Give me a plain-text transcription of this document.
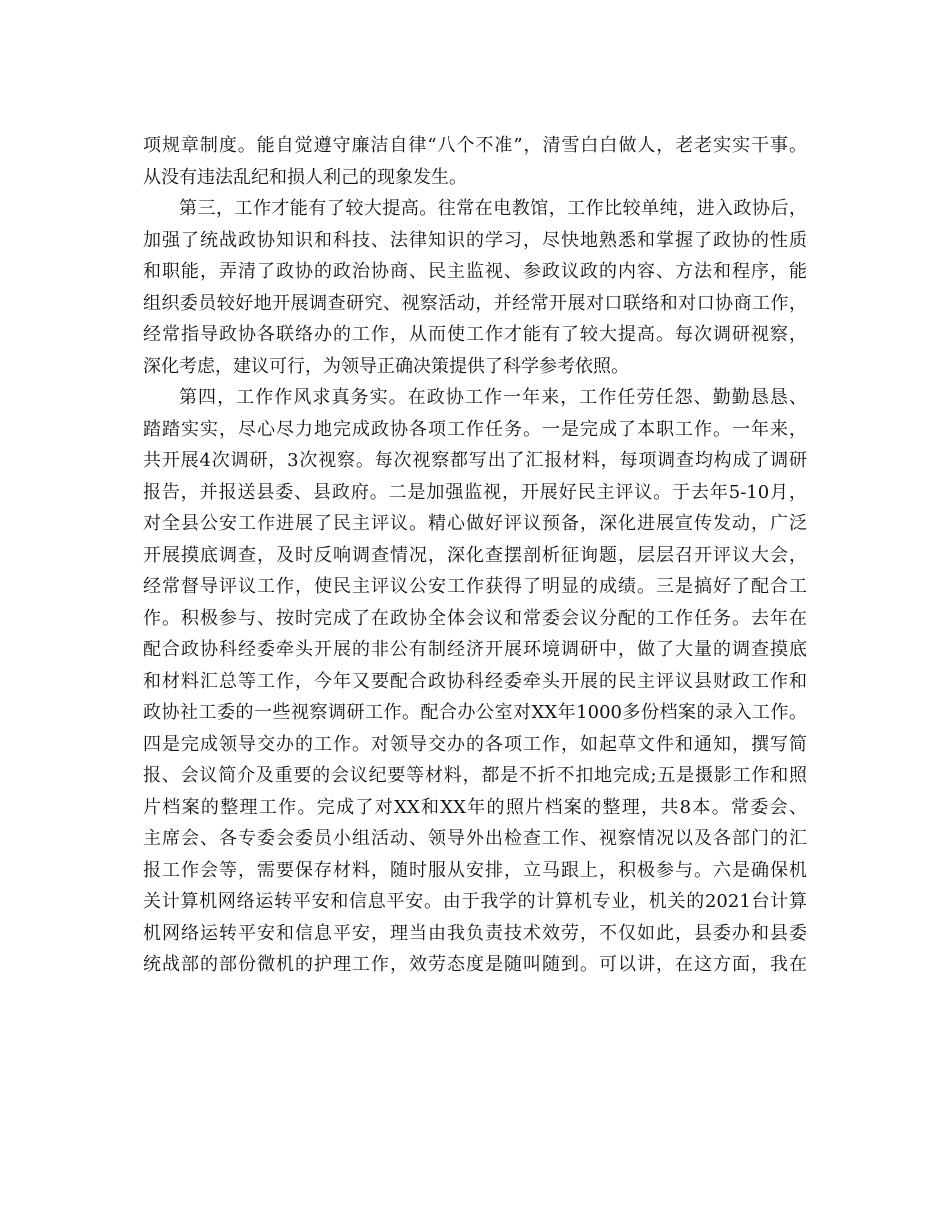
项规章制度。能自觉遵守廉洁自律“八个不准”，清雪白白做人，老老实实干事。
从没有违法乱纪和损人利己的现象发生。
第三，工作才能有了较大提高。往常在电教馆，工作比较单纯，进入政协后，
加强了统战政协知识和科技、法律知识的学习，尽快地熟悉和掌握了政协的性质
和职能，弄清了政协的政治协商、民主监视、参政议政的内容、方法和程序，能
组织委员较好地开展调查研究、视察活动，并经常开展对口联络和对口协商工作，
经常指导政协各联络办的工作，从而使工作才能有了较大提高。每次调研视察，
深化考虑，建议可行，为领导正确决策提供了科学参考依照。
第四，工作作风求真务实。在政协工作一年来，工作任劳任怨、勤勤恳恳、
踏踏实实，尽心尽力地完成政协各项工作任务。一是完成了本职工作。一年来，
共开展4次调研，3次视察。每次视察都写出了汇报材料，每项调查均构成了调研
报告，并报送县委、县政府。二是加强监视，开展好民主评议。于去年5-10月，
对全县公安工作进展了民主评议。精心做好评议预备，深化进展宣传发动，广泛
开展摸底调查，及时反响调查情况，深化查摆剖析征询题，层层召开评议大会，
经常督导评议工作，使民主评议公安工作获得了明显的成绩。三是搞好了配合工
作。积极参与、按时完成了在政协全体会议和常委会议分配的工作任务。去年在
配合政协科经委牵头开展的非公有制经济开展环境调研中，做了大量的调查摸底
和材料汇总等工作，今年又要配合政协科经委牵头开展的民主评议县财政工作和
政协社工委的一些视察调研工作。配合办公室对XX年1000多份档案的录入工作。
四是完成领导交办的工作。对领导交办的各项工作，如起草文件和通知，撰写简
报、会议简介及重要的会议纪要等材料，都是不折不扣地完成;五是摄影工作和照
片档案的整理工作。完成了对XX和XX年的照片档案的整理，共8本。常委会、
主席会、各专委会委员小组活动、领导外出检查工作、视察情况以及各部门的汇
报工作会等，需要保存材料，随时服从安排，立马跟上，积极参与。六是确保机
关计算机网络运转平安和信息平安。由于我学的计算机专业，机关的2021台计算
机网络运转平安和信息平安，理当由我负责技术效劳，不仅如此，县委办和县委
统战部的部份微机的护理工作，效劳态度是随叫随到。可以讲，在这方面，我在
